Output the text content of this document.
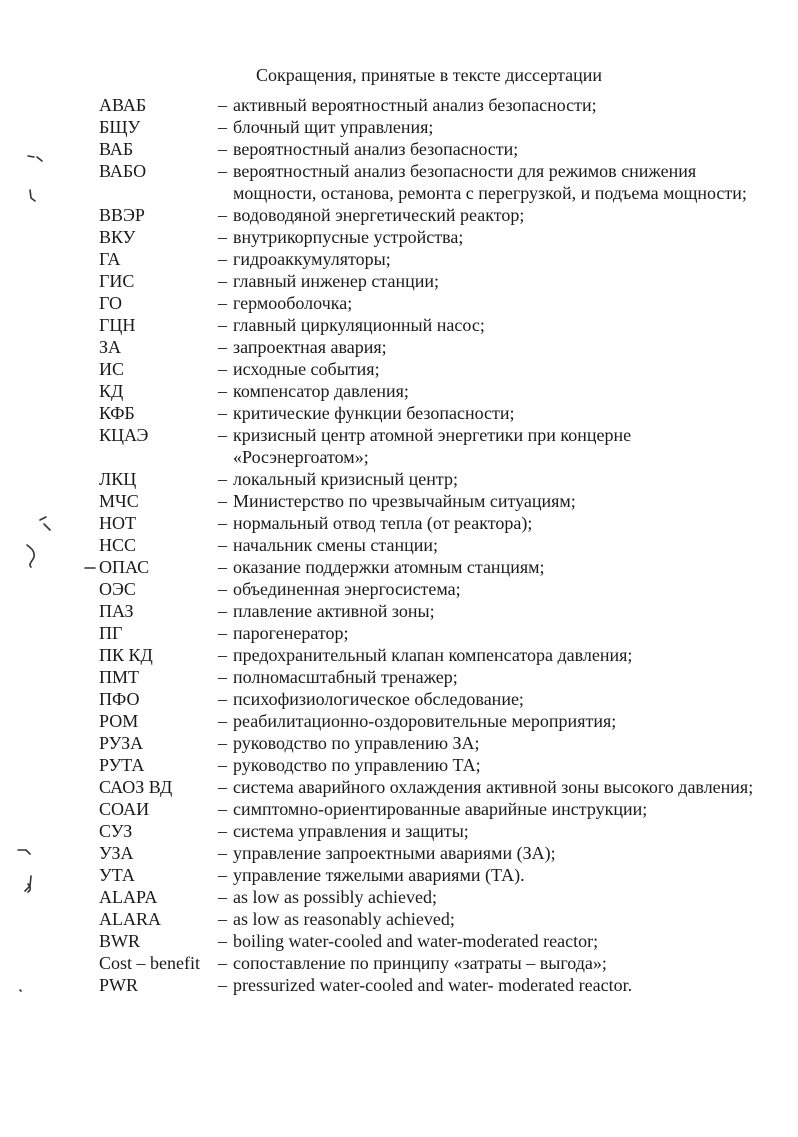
Сокращения, принятые в тексте диссертации
АВАБ	– активный вероятностный анализ безопасности;
БЩУ	– блочный щит управления;
ВАБ	– вероятностный анализ безопасности;
ВАБО	– вероятностный анализ безопасности для режимов снижения мощности, останова, ремонта с перегрузкой, и подъема мощности;
ВВЭР	– водоводяной энергетический реактор;
ВКУ	– внутрикорпусные устройства;
ГА	– гидроаккумуляторы;
ГИС	– главный инженер станции;
ГО	– гермооболочка;
ГЦН	– главный циркуляционный насос;
ЗА	– запроектная авария;
ИС	– исходные события;
КД	– компенсатор давления;
КФБ	– критические функции безопасности;
КЦАЭ	– кризисный центр атомной энергетики при концерне «Росэнергоатом»;
ЛКЦ	– локальный кризисный центр;
МЧС	– Министерство по чрезвычайным ситуациям;
НОТ	– нормальный отвод тепла (от реактора);
НСС	– начальник смены станции;
ОПАС	– оказание поддержки атомным станциям;
ОЭС	– объединенная энергосистема;
ПАЗ	– плавление активной зоны;
ПГ	– парогенератор;
ПК КД	– предохранительный клапан компенсатора давления;
ПМТ	– полномасштабный тренажер;
ПФО	– психофизиологическое обследование;
РОМ	– реабилитационно-оздоровительные мероприятия;
РУЗА	– руководство по управлению ЗА;
РУТА	– руководство по управлению ТА;
САОЗ ВД	– система аварийного охлаждения активной зоны высокого давления;
СОАИ	– симптомно-ориентированные аварийные инструкции;
СУЗ	– система управления и защиты;
УЗА	– управление запроектными авариями (ЗА);
УТА	– управление тяжелыми авариями (ТА).
ALAPA	– as low as possibly achieved;
ALARA	– as low as reasonably achieved;
BWR	– boiling water-cooled and water-moderated reactor;
Cost – benefit	– сопоставление по принципу «затраты – выгода»;
PWR	– pressurized water-cooled and water- moderated reactor.
